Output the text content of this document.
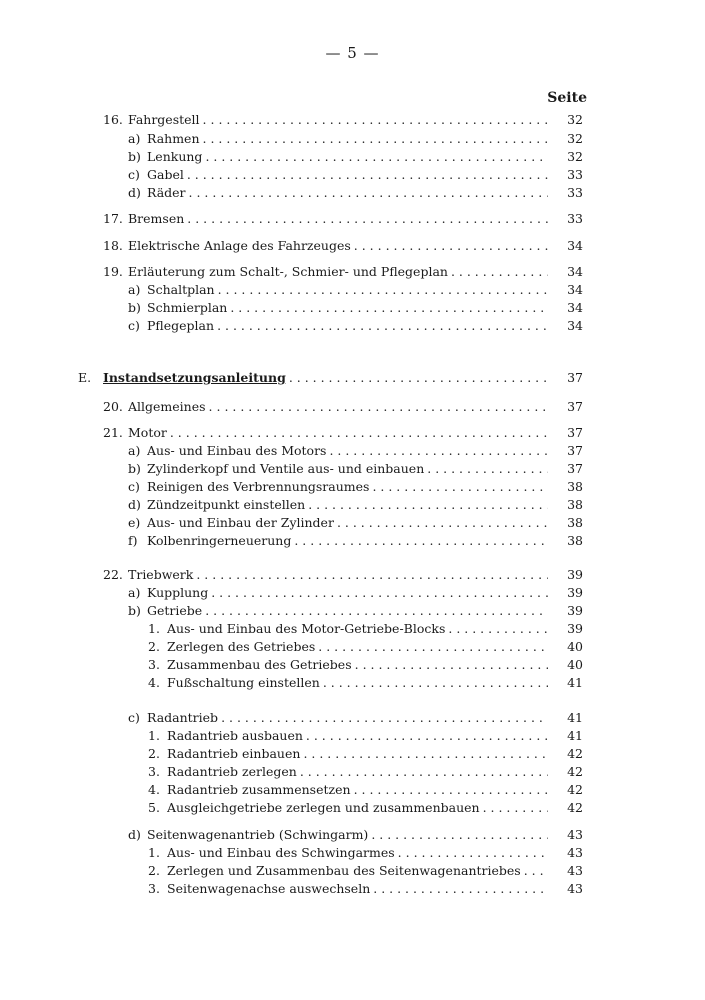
— 5 —
Seite
16. Fahrgestell . . .	32
a) Rahmen . . .	32
b) Lenkung . . .	32
c) Gabel . . .	33
d) Räder . . .	33
17. Bremsen . . .	33
18. Elektrische Anlage des Fahrzeuges . . .	34
19. Erläuterung zum Schalt-, Schmier- und Pflegeplan . . .	34
a) Schaltplan . . .	34
b) Schmierplan . . .	34
c) Pflegeplan . . .	34
E. Instandsetzungsanleitung . . .	37
20. Allgemeines . . .	37
21. Motor . . .	37
a) Aus- und Einbau des Motors . . .	37
b) Zylinderkopf und Ventile aus- und einbauen . . .	37
c) Reinigen des Verbrennungsraumes . . .	38
d) Zündzeitpunkt einstellen . . .	38
e) Aus- und Einbau der Zylinder . . .	38
f) Kolbenringerneuerung . . .	38
22. Triebwerk . . .	39
a) Kupplung . . .	39
b) Getriebe . . .	39
1. Aus- und Einbau des Motor-Getriebe-Blocks . . .	39
2. Zerlegen des Getriebes . . .	40
3. Zusammenbau des Getriebes . . .	40
4. Fußschaltung einstellen . . .	41
c) Radantrieb . . .	41
1. Radantrieb ausbauen . . .	41
2. Radantrieb einbauen . . .	42
3. Radantrieb zerlegen . . .	42
4. Radantrieb zusammensetzen . . .	42
5. Ausgleichgetriebe zerlegen und zusammenbauen . . .	42
d) Seitenwagenantrieb (Schwingarm) . . .	43
1. Aus- und Einbau des Schwingarmes . . .	43
2. Zerlegen und Zusammenbau des Seitenwagenantriebes . . .	43
3. Seitenwagenachse auswechseln . . .	43
